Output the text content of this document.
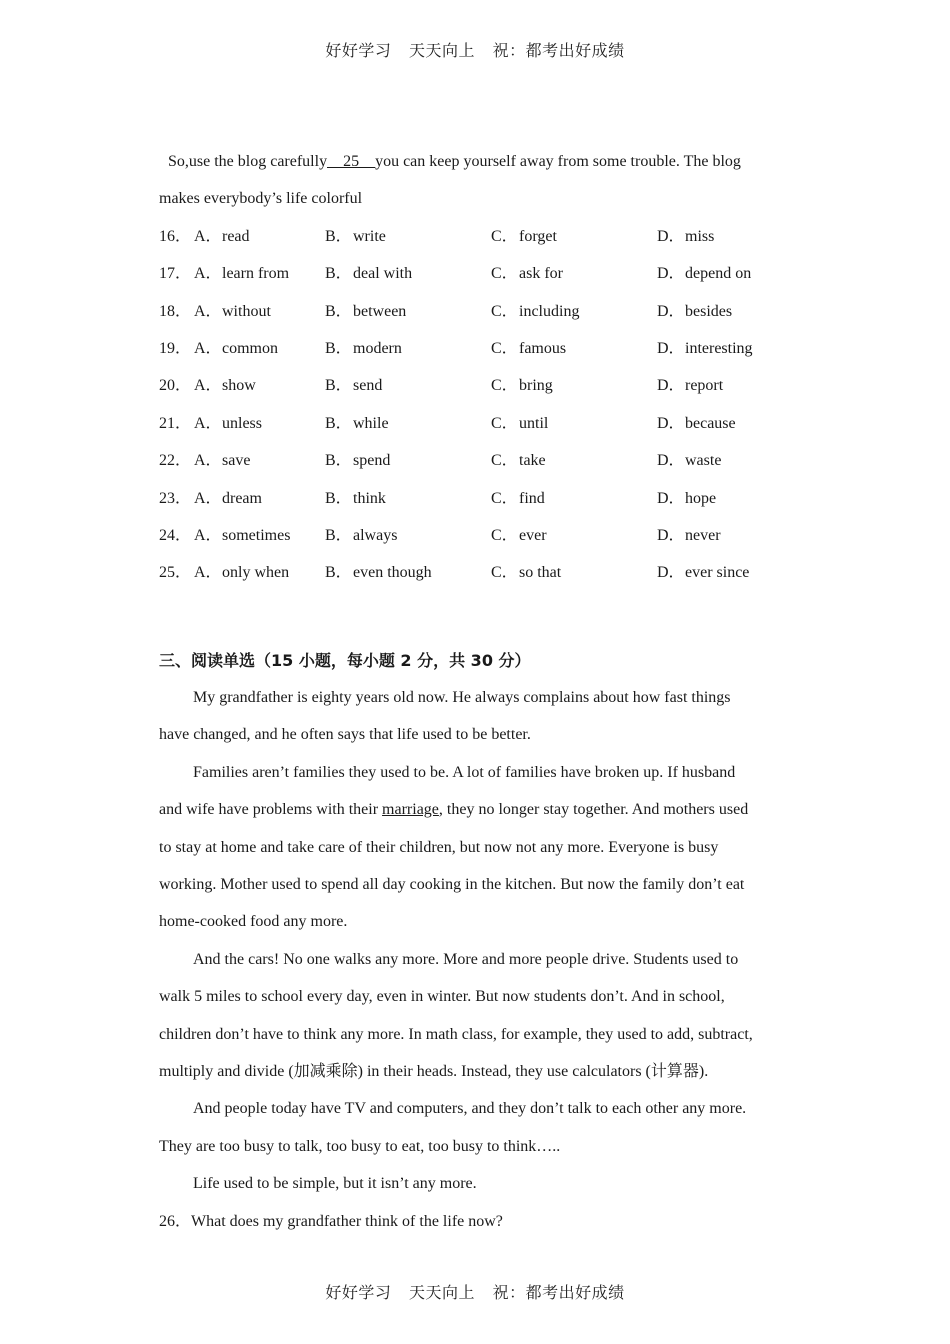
好好学习 天天向上 祝：都考出好成绩
So,use the blog carefully__25__you can keep yourself away from some trouble. The blog
makes everybody’s life colorful
16． A．read	B．write	C．forget	D．miss
17． A．learn from B．deal with	C．ask for	D．depend on
18． A．without	B．between	C．including	D．besides
19． A．common	B．modern	C．famous	D．interesting
20． A．show	B．send	C．bring	D．report
21． A．unless	B．while	C．until	D．because
22． A．save	B．spend	C．take	D．waste
23． A．dream	B．think	C．find	D．hope
24． A．sometimes B．always	C．ever	D．never
25． A．only when B．even though	C．so that	D．ever since
三、阅读单选（15 小题，每小题 2 分，共 30 分）
My grandfather is eighty years old now. He always complains about how fast things
have changed, and he often says that life used to be better.
Families aren’t families they used to be. A lot of families have broken up. If husband
and wife have problems with their marriage, they no longer stay together. And mothers used
to stay at home and take care of their children, but now not any more. Everyone is busy
working. Mother used to spend all day cooking in the kitchen. But now the family don’t eat
home-cooked food any more.
And the cars! No one walks any more. More and more people drive. Students used to
walk 5 miles to school every day, even in winter. But now students don’t. And in school,
children don’t have to think any more. In math class, for example, they used to add, subtract,
multiply and divide (加减乘除) in their heads. Instead, they use calculators (计算器).
And people today have TV and computers, and they don’t talk to each other any more.
They are too busy to talk, too busy to eat, too busy to think…..
Life used to be simple, but it isn’t any more.
26．What does my grandfather think of the life now?
好好学习 天天向上 祝：都考出好成绩
